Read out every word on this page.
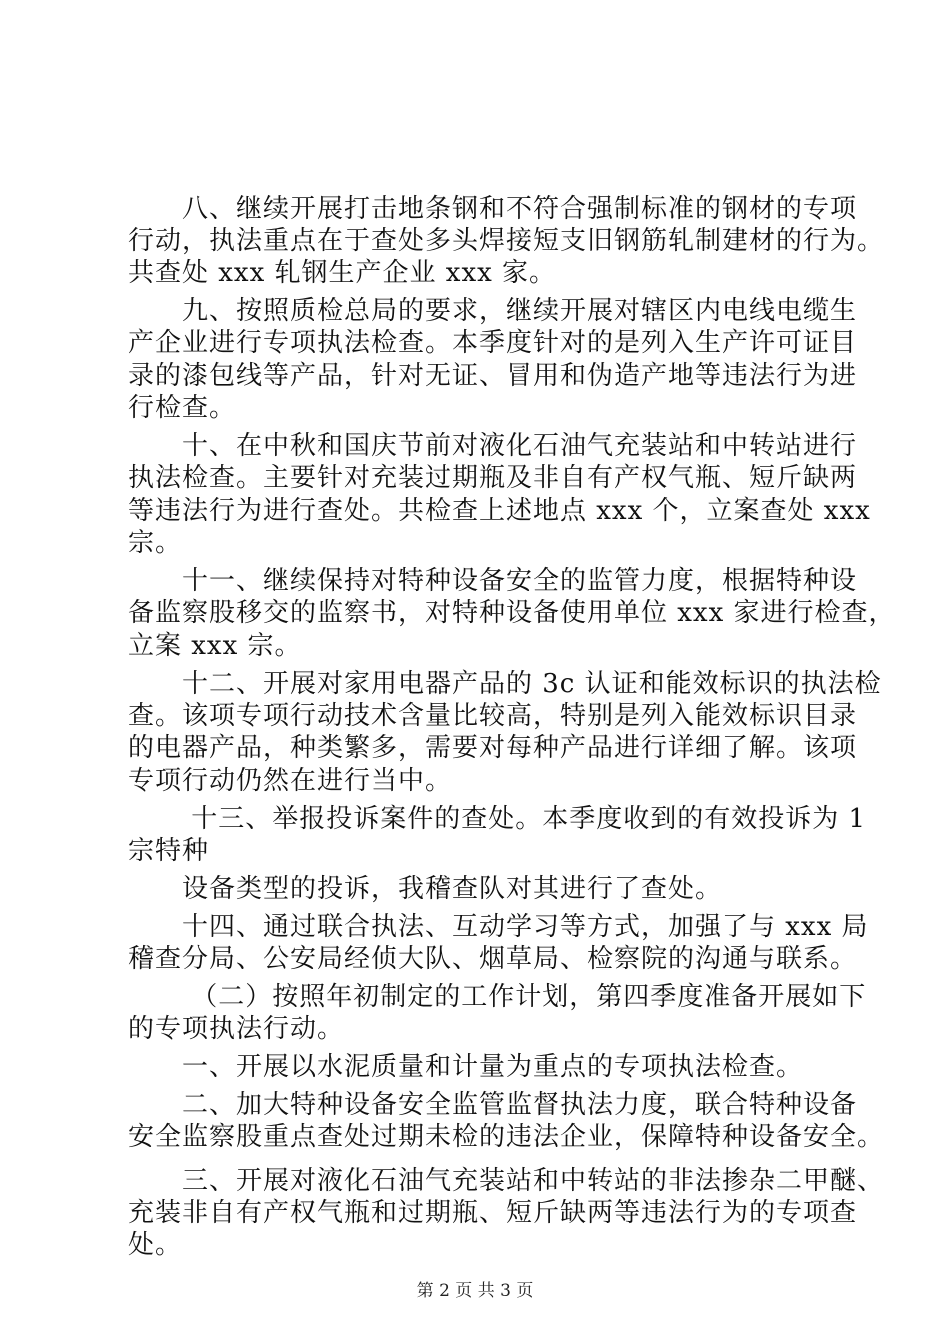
　　八、继续开展打击地条钢和不符合强制标准的钢材的专项
行动，执法重点在于查处多头焊接短支旧钢筋轧制建材的行为。
共查处 xxx 轧钢生产企业 xxx 家。
　　九、按照质检总局的要求，继续开展对辖区内电线电缆生
产企业进行专项执法检查。本季度针对的是列入生产许可证目
录的漆包线等产品，针对无证、冒用和伪造产地等违法行为进
行检查。
　　十、在中秋和国庆节前对液化石油气充装站和中转站进行
执法检查。主要针对充装过期瓶及非自有产权气瓶、短斤缺两
等违法行为进行查处。共检查上述地点 xxx 个，立案查处 xxx
宗。
　　十一、继续保持对特种设备安全的监管力度，根据特种设
备监察股移交的监察书，对特种设备使用单位 xxx 家进行检查，
立案 xxx 宗。
　　十二、开展对家用电器产品的 3c 认证和能效标识的执法检
查。该项专项行动技术含量比较高，特别是列入能效标识目录
的电器产品，种类繁多，需要对每种产品进行详细了解。该项
专项行动仍然在进行当中。
　　 十三、举报投诉案件的查处。本季度收到的有效投诉为 1
宗特种
　　设备类型的投诉，我稽查队对其进行了查处。
　　十四、通过联合执法、互动学习等方式，加强了与 xxx 局
稽查分局、公安局经侦大队、烟草局、检察院的沟通与联系。
　　 （二）按照年初制定的工作计划，第四季度准备开展如下
的专项执法行动。
　　一、开展以水泥质量和计量为重点的专项执法检查。
　　二、加大特种设备安全监管监督执法力度，联合特种设备
安全监察股重点查处过期未检的违法企业，保障特种设备安全。
　　三、开展对液化石油气充装站和中转站的非法掺杂二甲醚、
充装非自有产权气瓶和过期瓶、短斤缺两等违法行为的专项查
处。
第 2 页 共 3 页
